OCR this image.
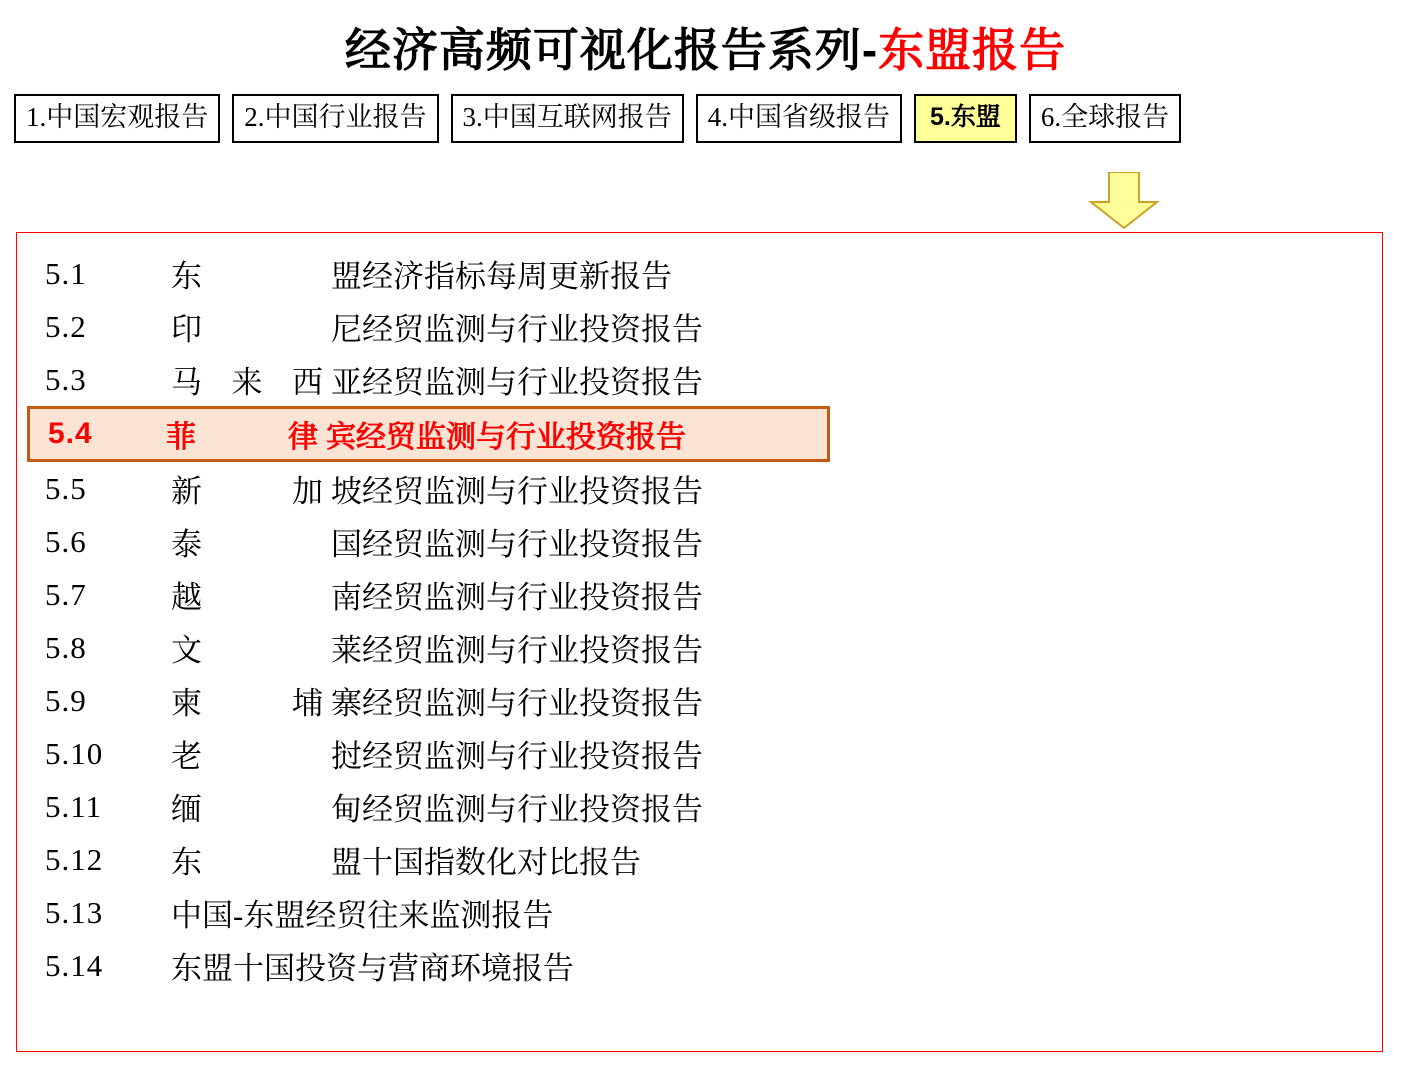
经济高频可视化报告系列-东盟报告
1.中国宏观报告	2.中国行业报告	3.中国互联网报告	4.中国省级报告	5.东盟	6.全球报告
5.1	东	盟经济指标每周更新报告
5.2	印	尼经贸监测与行业投资报告
5.3	马来西 亚经贸监测与行业投资报告
5.4	菲律 宾经贸监测与行业投资报告
5.5	新加 坡经贸监测与行业投资报告
5.6	泰	国经贸监测与行业投资报告
5.7	越	南经贸监测与行业投资报告
5.8	文	莱经贸监测与行业投资报告
5.9	柬埔 寨经贸监测与行业投资报告
5.10	老	挝经贸监测与行业投资报告
5.11	缅	甸经贸监测与行业投资报告
5.12	东	盟十国指数化对比报告
5.13	中国-东盟经贸往来监测报告
5.14	东盟十国投资与营商环境报告
